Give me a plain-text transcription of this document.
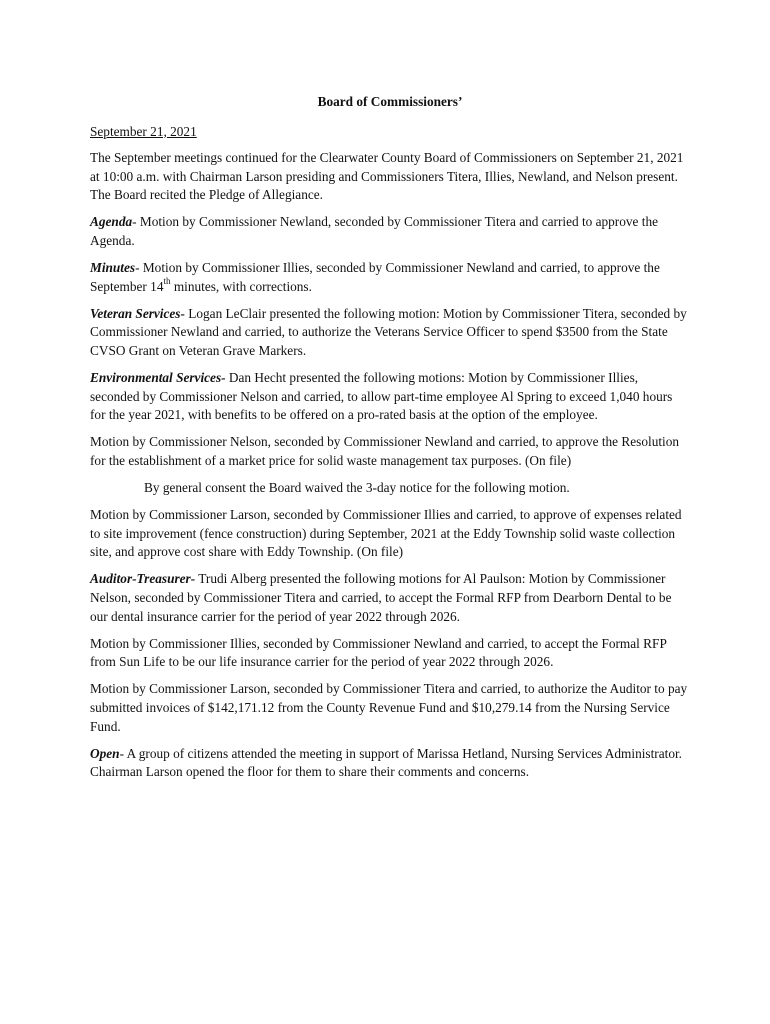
Board of Commissioners’
September 21, 2021

The September meetings continued for the Clearwater County Board of Commissioners on September 21, 2021 at 10:00 a.m. with Chairman Larson presiding and Commissioners Titera, Illies, Newland, and Nelson present. The Board recited the Pledge of Allegiance.

Agenda- Motion by Commissioner Newland, seconded by Commissioner Titera and carried to approve the Agenda.

Minutes- Motion by Commissioner Illies, seconded by Commissioner Newland and carried, to approve the September 14th minutes, with corrections.

Veteran Services- Logan LeClair presented the following motion: Motion by Commissioner Titera, seconded by Commissioner Newland and carried, to authorize the Veterans Service Officer to spend $3500 from the State CVSO Grant on Veteran Grave Markers.

Environmental Services- Dan Hecht presented the following motions: Motion by Commissioner Illies, seconded by Commissioner Nelson and carried, to allow part-time employee Al Spring to exceed 1,040 hours for the year 2021, with benefits to be offered on a pro-rated basis at the option of the employee.

Motion by Commissioner Nelson, seconded by Commissioner Newland and carried, to approve the Resolution for the establishment of a market price for solid waste management tax purposes. (On file)

By general consent the Board waived the 3-day notice for the following motion.

Motion by Commissioner Larson, seconded by Commissioner Illies and carried, to approve of expenses related to site improvement (fence construction) during September, 2021 at the Eddy Township solid waste collection site, and approve cost share with Eddy Township. (On file)

Auditor-Treasurer- Trudi Alberg presented the following motions for Al Paulson: Motion by Commissioner Nelson, seconded by Commissioner Titera and carried, to accept the Formal RFP from Dearborn Dental to be our dental insurance carrier for the period of year 2022 through 2026.

Motion by Commissioner Illies, seconded by Commissioner Newland and carried, to accept the Formal RFP from Sun Life to be our life insurance carrier for the period of year 2022 through 2026.

Motion by Commissioner Larson, seconded by Commissioner Titera and carried, to authorize the Auditor to pay submitted invoices of $142,171.12 from the County Revenue Fund and $10,279.14 from the Nursing Service Fund.

Open- A group of citizens attended the meeting in support of Marissa Hetland, Nursing Services Administrator. Chairman Larson opened the floor for them to share their comments and concerns.
